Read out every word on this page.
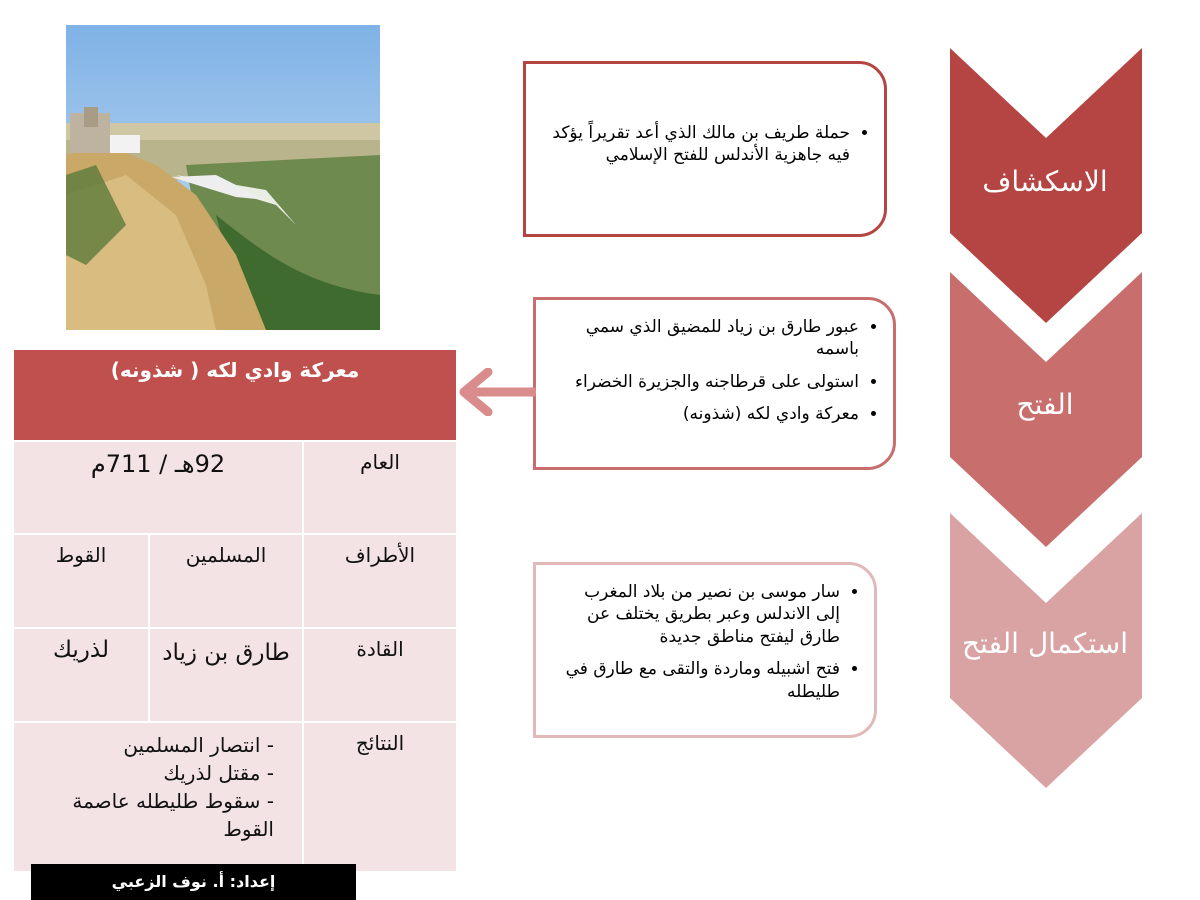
الاسكشاف
الفتح
استكمال الفتح
• حملة طريف بن مالك الذي أعد تقريراً يؤكد فيه جاهزية الأندلس للفتح الإسلامي
• عبور طارق بن زياد للمضيق الذي سمي باسمه
• استولى على قرطاجنه والجزيرة الخضراء
• معركة وادي لكه (شذونه)
• سار موسى بن نصير من بلاد المغرب إلى الاندلس وعبر بطريق يختلف عن طارق ليفتح مناطق جديدة
• فتح اشبيله وماردة والتقى مع طارق في طليطله
معركة وادي لكه ( شذونه)		
العام	92هـ / 711م	
الأطراف	المسلمين	القوط
القادة	طارق بن زياد	لذريك
النتائج	- انتصار المسلمين
- مقتل لذريك
- سقوط طليطله عاصمة القوط	
إعداد: أ. نوف الزعبي
